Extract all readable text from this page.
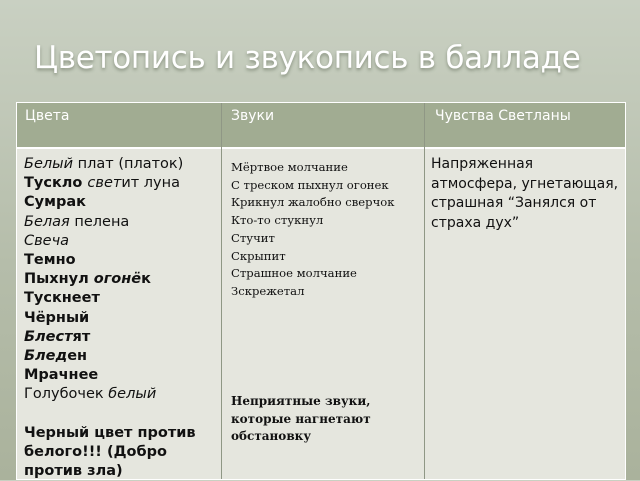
Цветопись и звукопись в балладе
Цвета	Звуки	Чувства Светланы
Белый плат (платок)
Тускло светит луна
Сумрак
Белая пелена
Свеча
Темно
Пыхнул огонёк
Тускнеет
Чёрный
Блестят
Бледен
Мрачнее
Голубочек белый
Черный цвет против белого!!! (Добро против зла)
Мёртвое молчание
С треском пыхнул огонек
Крикнул жалобно сверчок
Кто-то стукнул
Стучит
Скрыпит
Страшное молчание
Зскрежетал
Неприятные звуки, которые нагнетают обстановку
Напряженная атмосфера, угнетающая, страшная “Занялся от страха дух”
